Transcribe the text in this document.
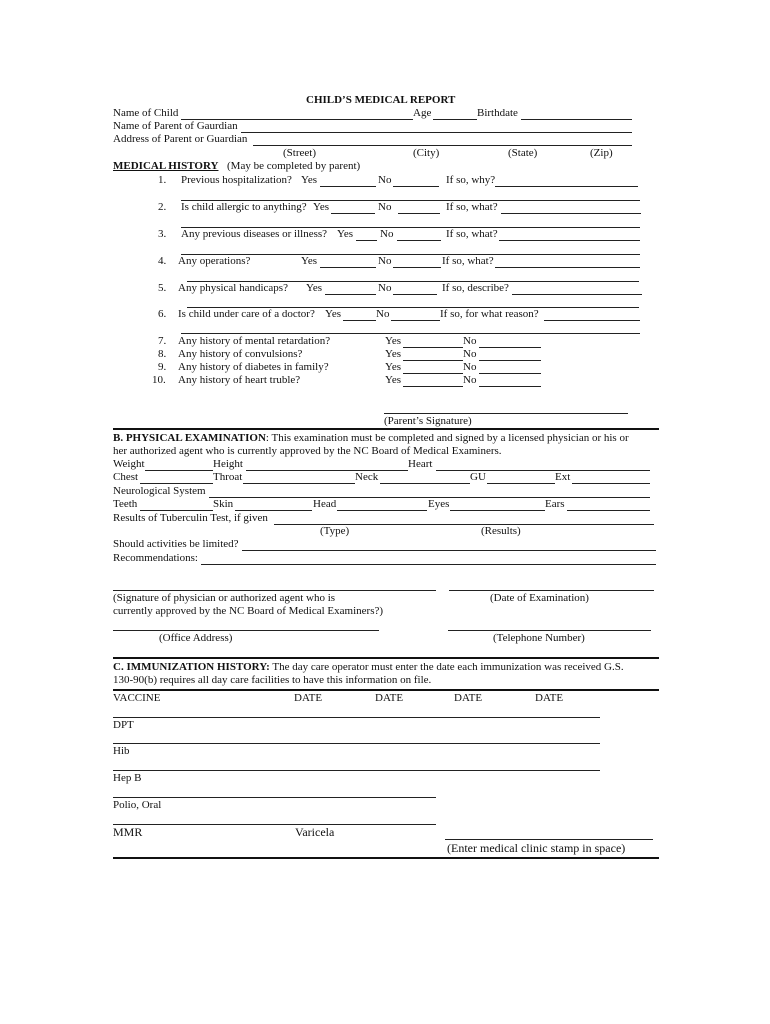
CHILD’S MEDICAL REPORT
Name of Child	Age	Birthdate
Name of Parent of Gaurdian
Address of Parent or Guardian
(Street)	(City)	(State)	(Zip)
MEDICAL HISTORY (May be completed by parent)
1. Previous hospitalization? Yes	No	If so, why?
2. Is child allergic to anything? Yes	No	If so, what?
3. Any previous diseases or illness? Yes No	If so, what?
4. Any operations?	Yes	No	If so, what?
5. Any physical handicaps? Yes	No	If so, describe?
6. Is child under care of a doctor? Yes	No	If so, for what reason?
7. Any history of mental retardation?	Yes	No
8. Any history of convulsions?	Yes	No
9. Any history of diabetes in family?	Yes	No
10. Any history of heart truble?	Yes	No
(Parent’s Signature)
B. PHYSICAL EXAMINATION: This examination must be completed and signed by a licensed physician or his or
her authorized agent who is currently approved by the NC Board of Medical Examiners.
Weight	Height	Heart
Chest	Throat	Neck	GU	Ext
Neurological System
Teeth	Skin	Head	Eyes	Ears
Results of Tuberculin Test, if given
(Type)	(Results)
Should activities be limited?
Recommendations:
(Signature of physician or authorized agent who is	(Date of Examination)
currently approved by the NC Board of Medical Examiners?)
(Office Address)	(Telephone Number)
C. IMMUNIZATION HISTORY: The day care operator must enter the date each immunization was received G.S.
130-90(b) requires all day care facilities to have this information on file.
VACCINE	DATE	DATE	DATE	DATE
DPT
Hib
Hep B
Polio, Oral
MMR	Varicela
(Enter medical clinic stamp in space)
